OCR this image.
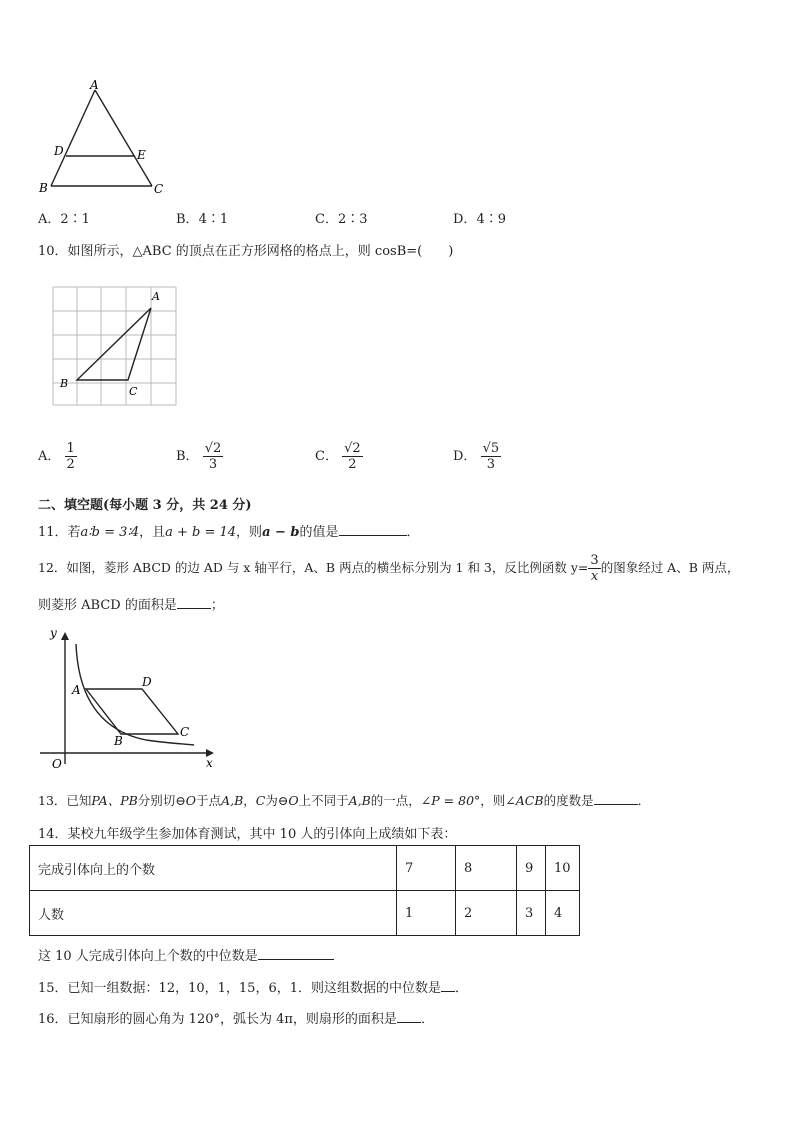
A
D	E
B	C
A．2∶1	B．4∶1	C．2∶3	D．4∶9
10．如图所示，△ABC 的顶点在正方形网格的格点上，则 cosB=(　　)
A
B
C
A． $\frac{1}{2}$	B． $\frac{√2}{3}$	C． $\frac{√2}{2}$	D． $\frac{√5}{3}$
二、填空题(每小题 3 分，共 24 分)
11．若a∶b = 3∶4，且a + b = 14，则a − b的值是	．
12．如图，菱形 ABCD 的边 AD 与 x 轴平行，A、B 两点的横坐标分别为 1 和 3，反比例函数 $y= \frac{3}{x}$ 的图象经过 A、B 两点，
则菱形 ABCD 的面积是	；
y
x
O
A
D
B
C
13．已知PA、PB分别切⊖O于点A,B，C为⊖O上不同于A,B的一点，∠P = 80°，则∠ACB的度数是	．
14．某校九年级学生参加体育测试，其中 10 人的引体向上成绩如下表：
完成引体向上的个数	7	8	9	10
人数	1	2	3	4
这 10 人完成引体向上个数的中位数是
15．已知一组数据：12，10，1，15，6，1．则这组数据的中位数是 ．
16．已知扇形的圆心角为 120°，弧长为 4π，则扇形的面积是 ．
